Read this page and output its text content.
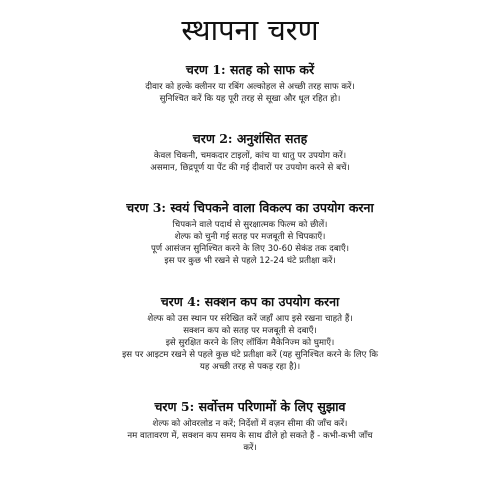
स्थापना चरण
चरण 1: सतह को साफ करें

दीवार को हल्के क्लीनर या रबिंग अल्कोहल से अच्छी तरह साफ करें।

सुनिश्चित करें कि यह पूरी तरह से सूखा और धूल रहित हो।

चरण 2: अनुशंसित सतह

केवल चिकनी, चमकदार टाइलों, कांच या धातु पर उपयोग करें।

असमान, छिद्रपूर्ण या पेंट की गई दीवारों पर उपयोग करने से बचें।

चरण 3: स्वयं चिपकने वाला विकल्प का उपयोग करना

चिपकने वाले पदार्थ से सुरक्षात्मक फिल्म को छीलें।

शेल्फ को चुनी गई सतह पर मजबूती से चिपकाएँ।

पूर्ण आसंजन सुनिश्चित करने के लिए 30-60 सेकंड तक दबाएँ।

इस पर कुछ भी रखने से पहले 12-24 घंटे प्रतीक्षा करें।

चरण 4: सक्शन कप का उपयोग करना

शेल्फ को उस स्थान पर संरेखित करें जहाँ आप इसे रखना चाहते हैं।

सक्शन कप को सतह पर मजबूती से दबाएँ।

इसे सुरक्षित करने के लिए लॉकिंग मैकेनिज्म को घुमाएँ।

इस पर आइटम रखने से पहले कुछ घंटे प्रतीक्षा करें (यह सुनिश्चित करने के लिए कि

यह अच्छी तरह से पकड़ रहा है)।

चरण 5: सर्वोत्तम परिणामों के लिए सुझाव

शेल्फ को ओवरलोड न करें; निर्देशों में वज़न सीमा की जाँच करें।

नम वातावरण में, सक्शन कप समय के साथ ढीले हो सकते हैं - कभी-कभी जाँच

करें।
